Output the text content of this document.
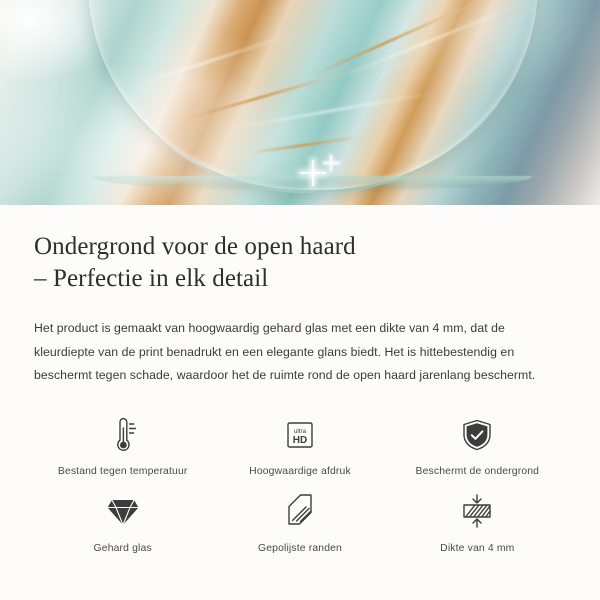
Ondergrond voor de open haard
– Perfectie in elk detail

Het product is gemaakt van hoogwaardig gehard glas met een dikte van 4 mm, dat de kleurdiepte van de print benadrukt en een elegante glans biedt. Het is hittebestendig en beschermt tegen schade, waardoor het de ruimte rond de open haard jarenlang beschermt.

Bestand tegen temperatuur
ultra
HD
Hoogwaardige afdruk	Beschermt de ondergrond
Gehard glas	Gepolijste randen	Dikte van 4 mm
